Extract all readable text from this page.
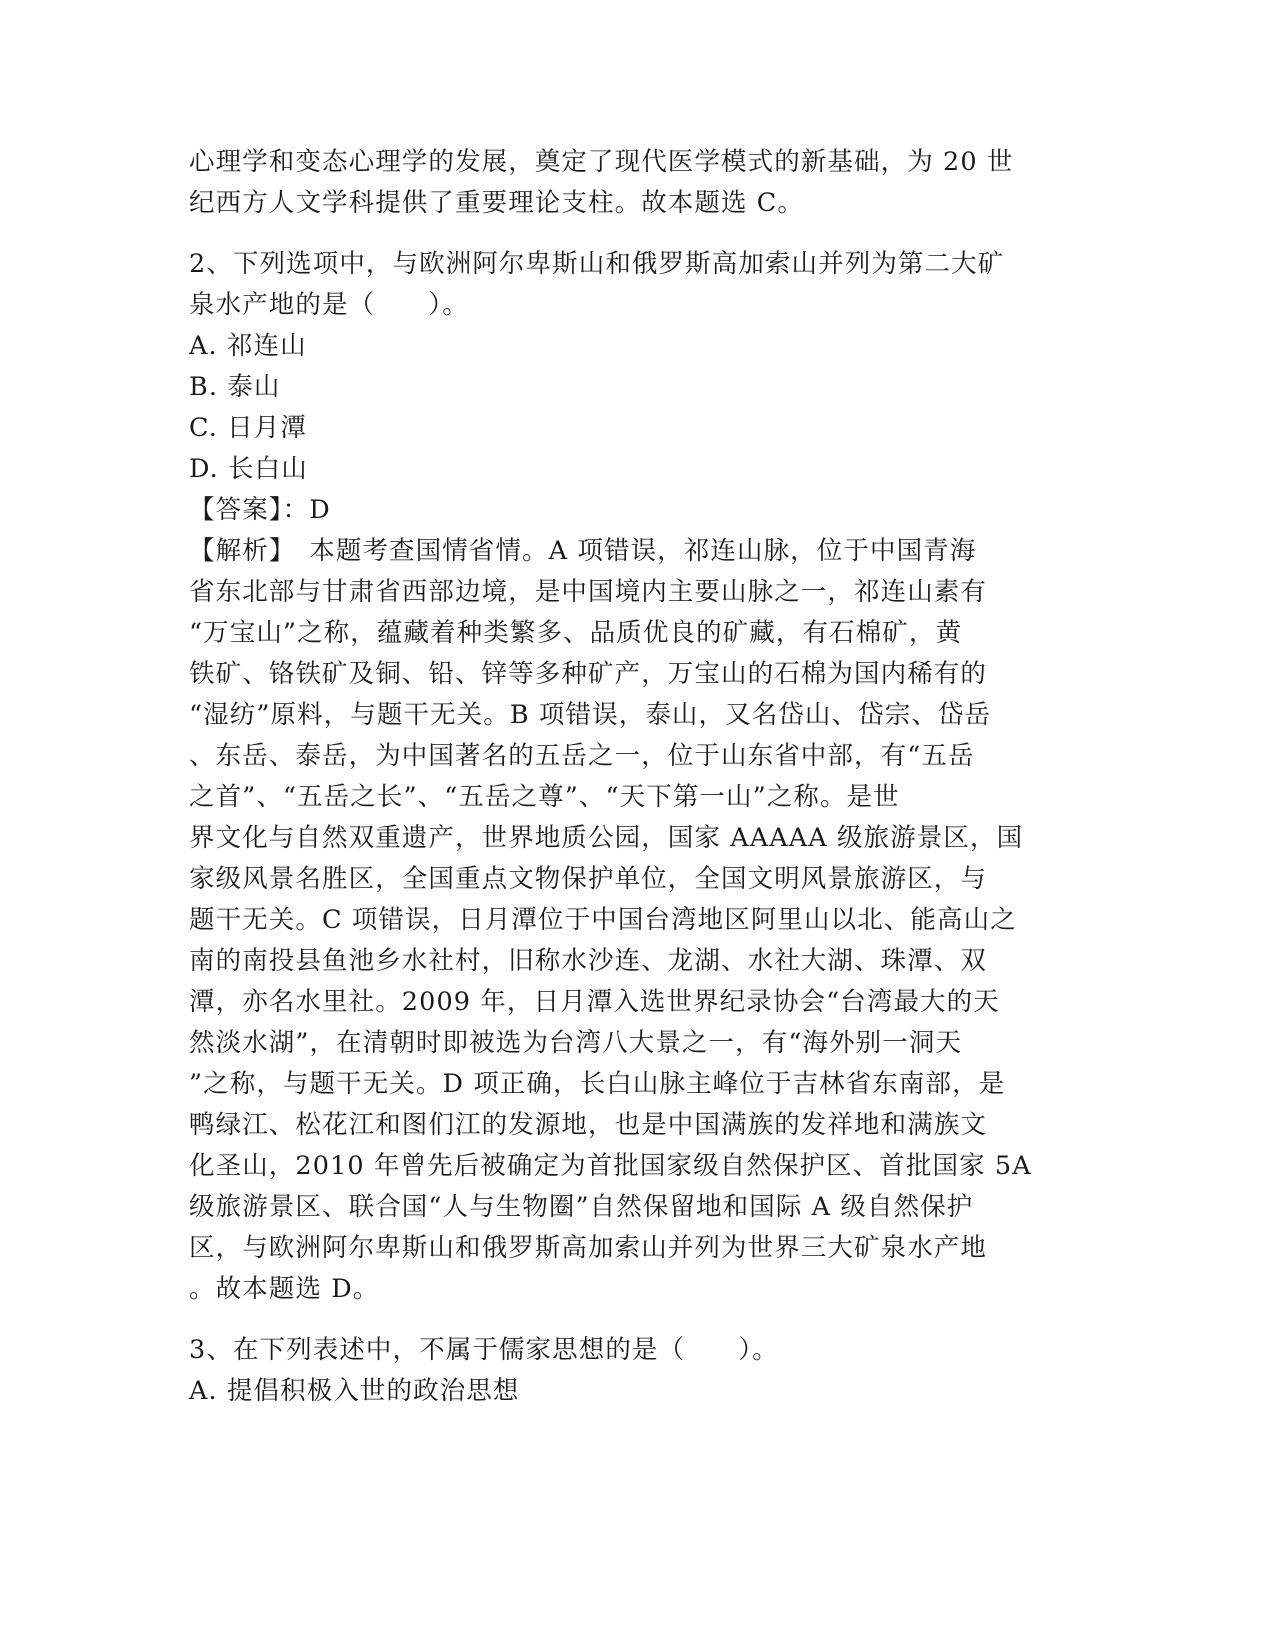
心理学和变态心理学的发展，奠定了现代医学模式的新基础，为 20 世
纪西方人文学科提供了重要理论支柱。故本题选 C。
2、下列选项中，与欧洲阿尔卑斯山和俄罗斯高加索山并列为第二大矿
泉水产地的是（　　）。
A. 祁连山
B. 泰山
C. 日月潭
D. 长白山
【答案】：D
【解析】　本题考查国情省情。A 项错误，祁连山脉，位于中国青海
省东北部与甘肃省西部边境，是中国境内主要山脉之一，祁连山素有
“万宝山”之称，蕴藏着种类繁多、品质优良的矿藏，有石棉矿，黄
铁矿、铬铁矿及铜、铅、锌等多种矿产，万宝山的石棉为国内稀有的
“湿纺”原料，与题干无关。B 项错误，泰山，又名岱山、岱宗、岱岳
、东岳、泰岳，为中国著名的五岳之一，位于山东省中部，有“五岳
之首”、“五岳之长”、“五岳之尊”、“天下第一山”之称。是世
界文化与自然双重遗产，世界地质公园，国家 AAAAA 级旅游景区，国
家级风景名胜区，全国重点文物保护单位，全国文明风景旅游区，与
题干无关。C 项错误，日月潭位于中国台湾地区阿里山以北、能高山之
南的南投县鱼池乡水社村，旧称水沙连、龙湖、水社大湖、珠潭、双
潭，亦名水里社。2009 年，日月潭入选世界纪录协会“台湾最大的天
然淡水湖”，在清朝时即被选为台湾八大景之一，有“海外别一洞天
”之称，与题干无关。D 项正确，长白山脉主峰位于吉林省东南部，是
鸭绿江、松花江和图们江的发源地，也是中国满族的发祥地和满族文
化圣山，2010 年曾先后被确定为首批国家级自然保护区、首批国家 5A
级旅游景区、联合国“人与生物圈”自然保留地和国际 A 级自然保护
区，与欧洲阿尔卑斯山和俄罗斯高加索山并列为世界三大矿泉水产地
。故本题选 D。
3、在下列表述中，不属于儒家思想的是（　　）。
A. 提倡积极入世的政治思想
